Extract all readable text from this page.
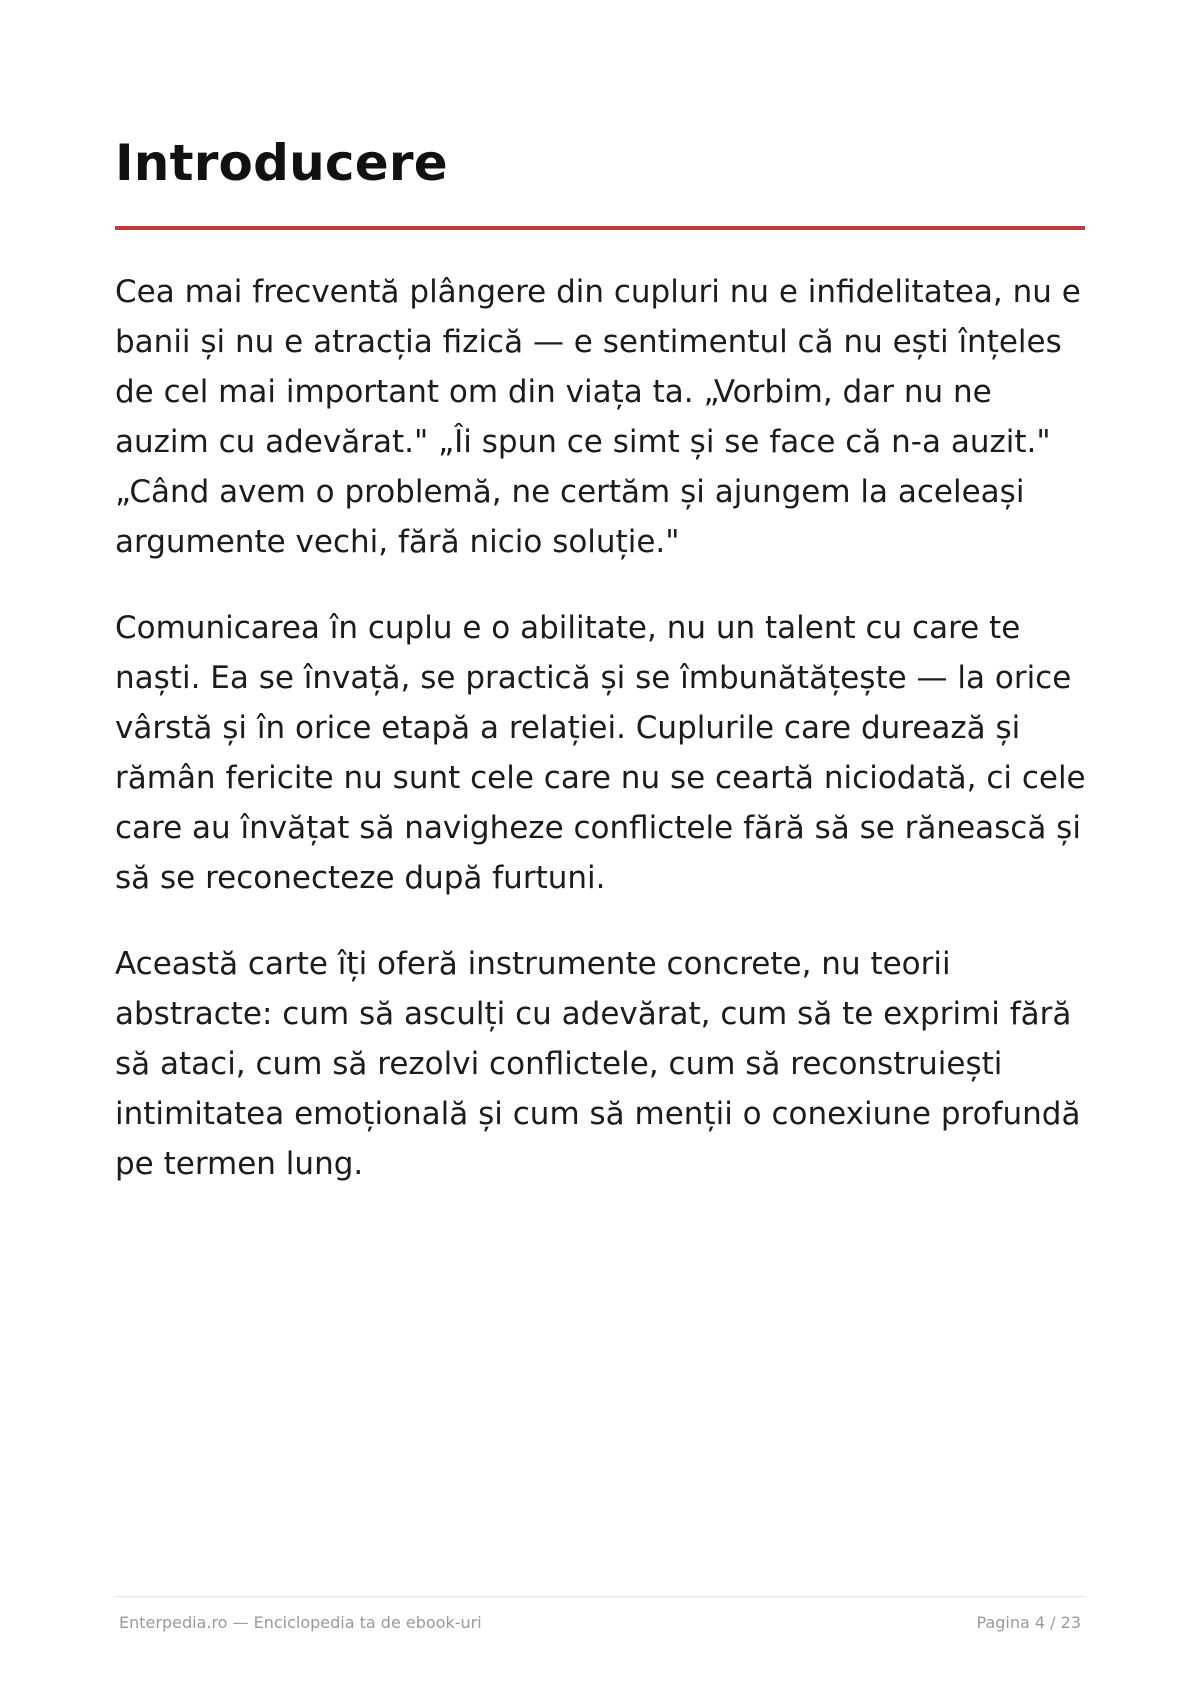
Introducere

Cea mai frecventă plângere din cupluri nu e infidelitatea, nu e banii și nu e atracția fizică — e sentimentul că nu ești înțeles de cel mai important om din viața ta. „Vorbim, dar nu ne auzim cu adevărat." „Îi spun ce simt și se face că n-a auzit." „Când avem o problemă, ne certăm și ajungem la aceleași argumente vechi, fără nicio soluție."

Comunicarea în cuplu e o abilitate, nu un talent cu care te naști. Ea se învață, se practică și se îmbunătățește — la orice vârstă și în orice etapă a relației. Cuplurile care durează și rămân fericite nu sunt cele care nu se ceartă niciodată, ci cele care au învățat să navigheze conflictele fără să se rănească și să se reconecteze după furtuni.

Această carte îți oferă instrumente concrete, nu teorii abstracte: cum să asculți cu adevărat, cum să te exprimi fără să ataci, cum să rezolvi conflictele, cum să reconstruiești intimitatea emoțională și cum să menții o conexiune profundă pe termen lung.

Enterpedia.ro — Enciclopedia ta de ebook-uri	Pagina 4 / 23
